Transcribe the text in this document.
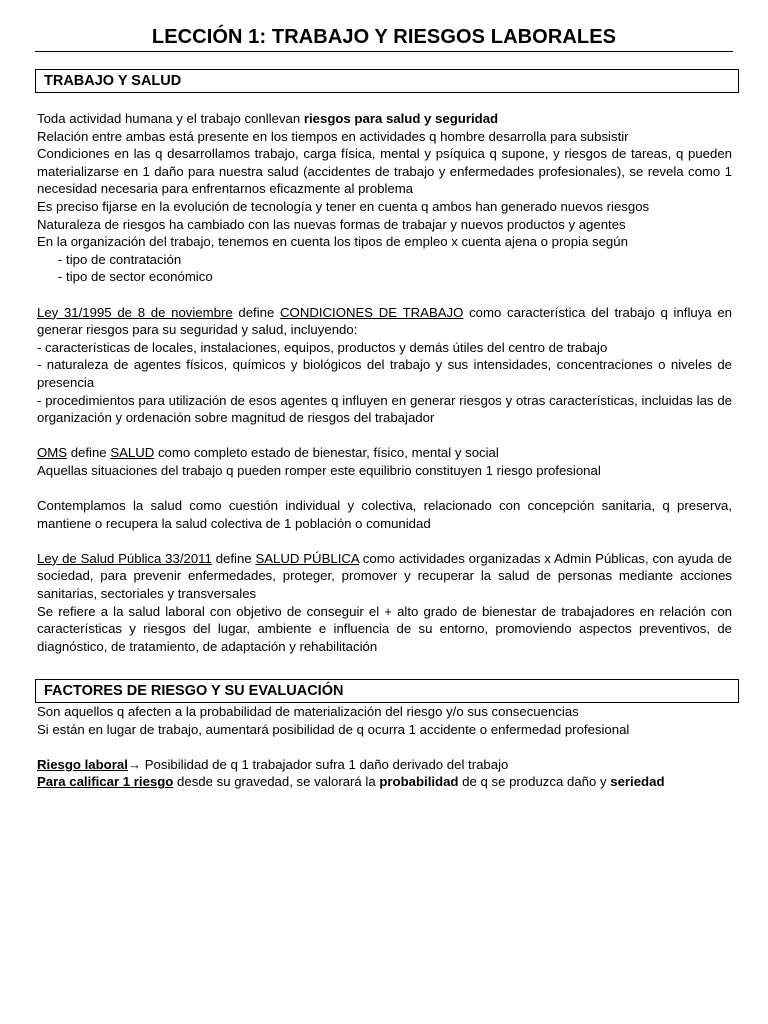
LECCIÓN 1: TRABAJO Y RIESGOS LABORALES
TRABAJO Y SALUD

Toda actividad humana y el trabajo conllevan riesgos para salud y seguridad

Relación entre ambas está presente en los tiempos en actividades q hombre desarrolla para subsistir

Condiciones en las q desarrollamos trabajo, carga física, mental y psíquica q supone, y riesgos de tareas, q pueden materializarse en 1 daño para nuestra salud (accidentes de trabajo y enfermedades profesionales), se revela como 1 necesidad necesaria para enfrentarnos eficazmente al problema

Es preciso fijarse en la evolución de tecnología y tener en cuenta q ambos han generado nuevos riesgos

Naturaleza de riesgos ha cambiado con las nuevas formas de trabajar y nuevos productos y agentes

En la organización del trabajo, tenemos en cuenta los tipos de empleo x cuenta ajena o propia según

- tipo de contratación

- tipo de sector económico

Ley 31/1995 de 8 de noviembre define CONDICIONES DE TRABAJO como característica del trabajo q influya en generar riesgos para su seguridad y salud, incluyendo:

- características de locales, instalaciones, equipos, productos y demás útiles del centro de trabajo

- naturaleza de agentes físicos, químicos y biológicos del trabajo y sus intensidades, concentraciones o niveles de presencia

- procedimientos para utilización de esos agentes q influyen en generar riesgos y otras características, incluidas las de organización y ordenación sobre magnitud de riesgos del trabajador

OMS define SALUD como completo estado de bienestar, físico, mental y social

Aquellas situaciones del trabajo q pueden romper este equilibrio constituyen 1 riesgo profesional

Contemplamos la salud como cuestión individual y colectiva, relacionado con concepción sanitaria, q preserva, mantiene o recupera la salud colectiva de 1 población o comunidad

Ley de Salud Pública 33/2011 define SALUD PÚBLICA como actividades organizadas x Admin Públicas, con ayuda de sociedad, para prevenir enfermedades, proteger, promover y recuperar la salud de personas mediante acciones sanitarias, sectoriales y transversales

Se refiere a la salud laboral con objetivo de conseguir el + alto grado de bienestar de trabajadores en relación con características y riesgos del lugar, ambiente e influencia de su entorno, promoviendo aspectos preventivos, de diagnóstico, de tratamiento, de adaptación y rehabilitación

FACTORES DE RIESGO Y SU EVALUACIÓN

Son aquellos q afecten a la probabilidad de materialización del riesgo y/o sus consecuencias

Si están en lugar de trabajo, aumentará posibilidad de q ocurra 1 accidente o enfermedad profesional

Riesgo laboral→ Posibilidad de q 1 trabajador sufra 1 daño derivado del trabajo

Para calificar 1 riesgo desde su gravedad, se valorará la probabilidad de q se produzca daño y seriedad
